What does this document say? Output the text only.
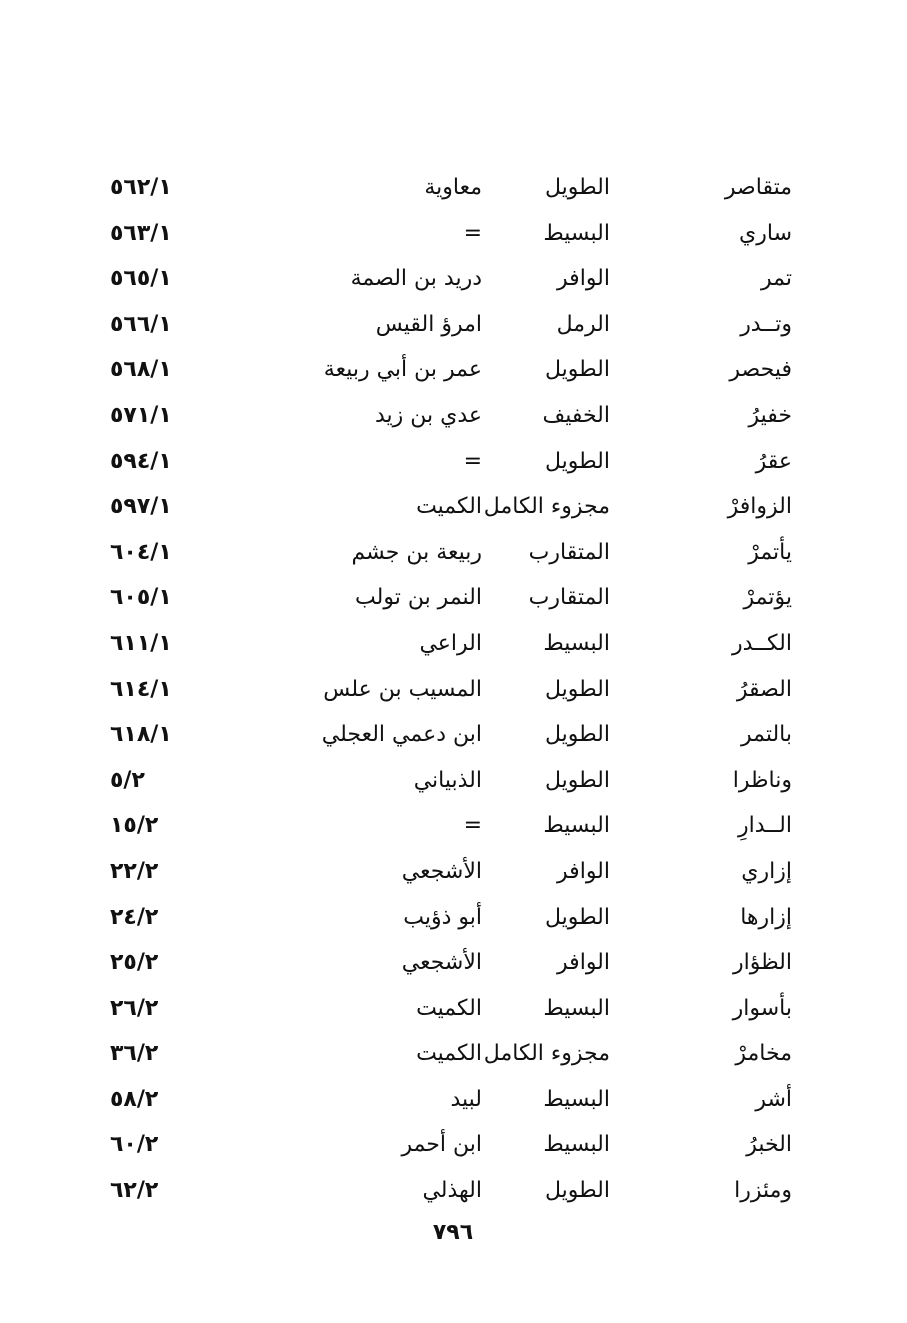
متقاصر
الطويل
معاوية
٥٦٢/١
ساري
البسيط
=
٥٦٣/١
تمر
الوافر
دريد بن الصمة
٥٦٥/١
وتــدر
الرمل
امرؤ القيس
٥٦٦/١
فيحصر
الطويل
عمر بن أبي ربيعة
٥٦٨/١
خفيرُ
الخفيف
عدي بن زيد
٥٧١/١
عقرُ
الطويل
=
٥٩٤/١
الزوافرْ
مجزوء الكامل
الكميت
٥٩٧/١
يأتمرْ
المتقارب
ربيعة بن جشم
٦٠٤/١
يؤتمرْ
المتقارب
النمر بن تولب
٦٠٥/١
الكــدر
البسيط
الراعي
٦١١/١
الصقرُ
الطويل
المسيب بن علس
٦١٤/١
بالتمر
الطويل
ابن دعمي العجلي
٦١٨/١
وناظرا
الطويل
الذبياني
٥/٢
الــدارِ
البسيط
=
١٥/٢
إزاري
الوافر
الأشجعي
٢٢/٢
إزارها
الطويل
أبو ذؤيب
٢٤/٢
الظؤار
الوافر
الأشجعي
٢٥/٢
بأسوار
البسيط
الكميت
٢٦/٢
مخامرْ
مجزوء الكامل
الكميت
٣٦/٢
أشر
البسيط
لبيد
٥٨/٢
الخبرُ
البسيط
ابن أحمر
٦٠/٢
ومئزرا
الطويل
الهذلي
٦٢/٢
٧٩٦
